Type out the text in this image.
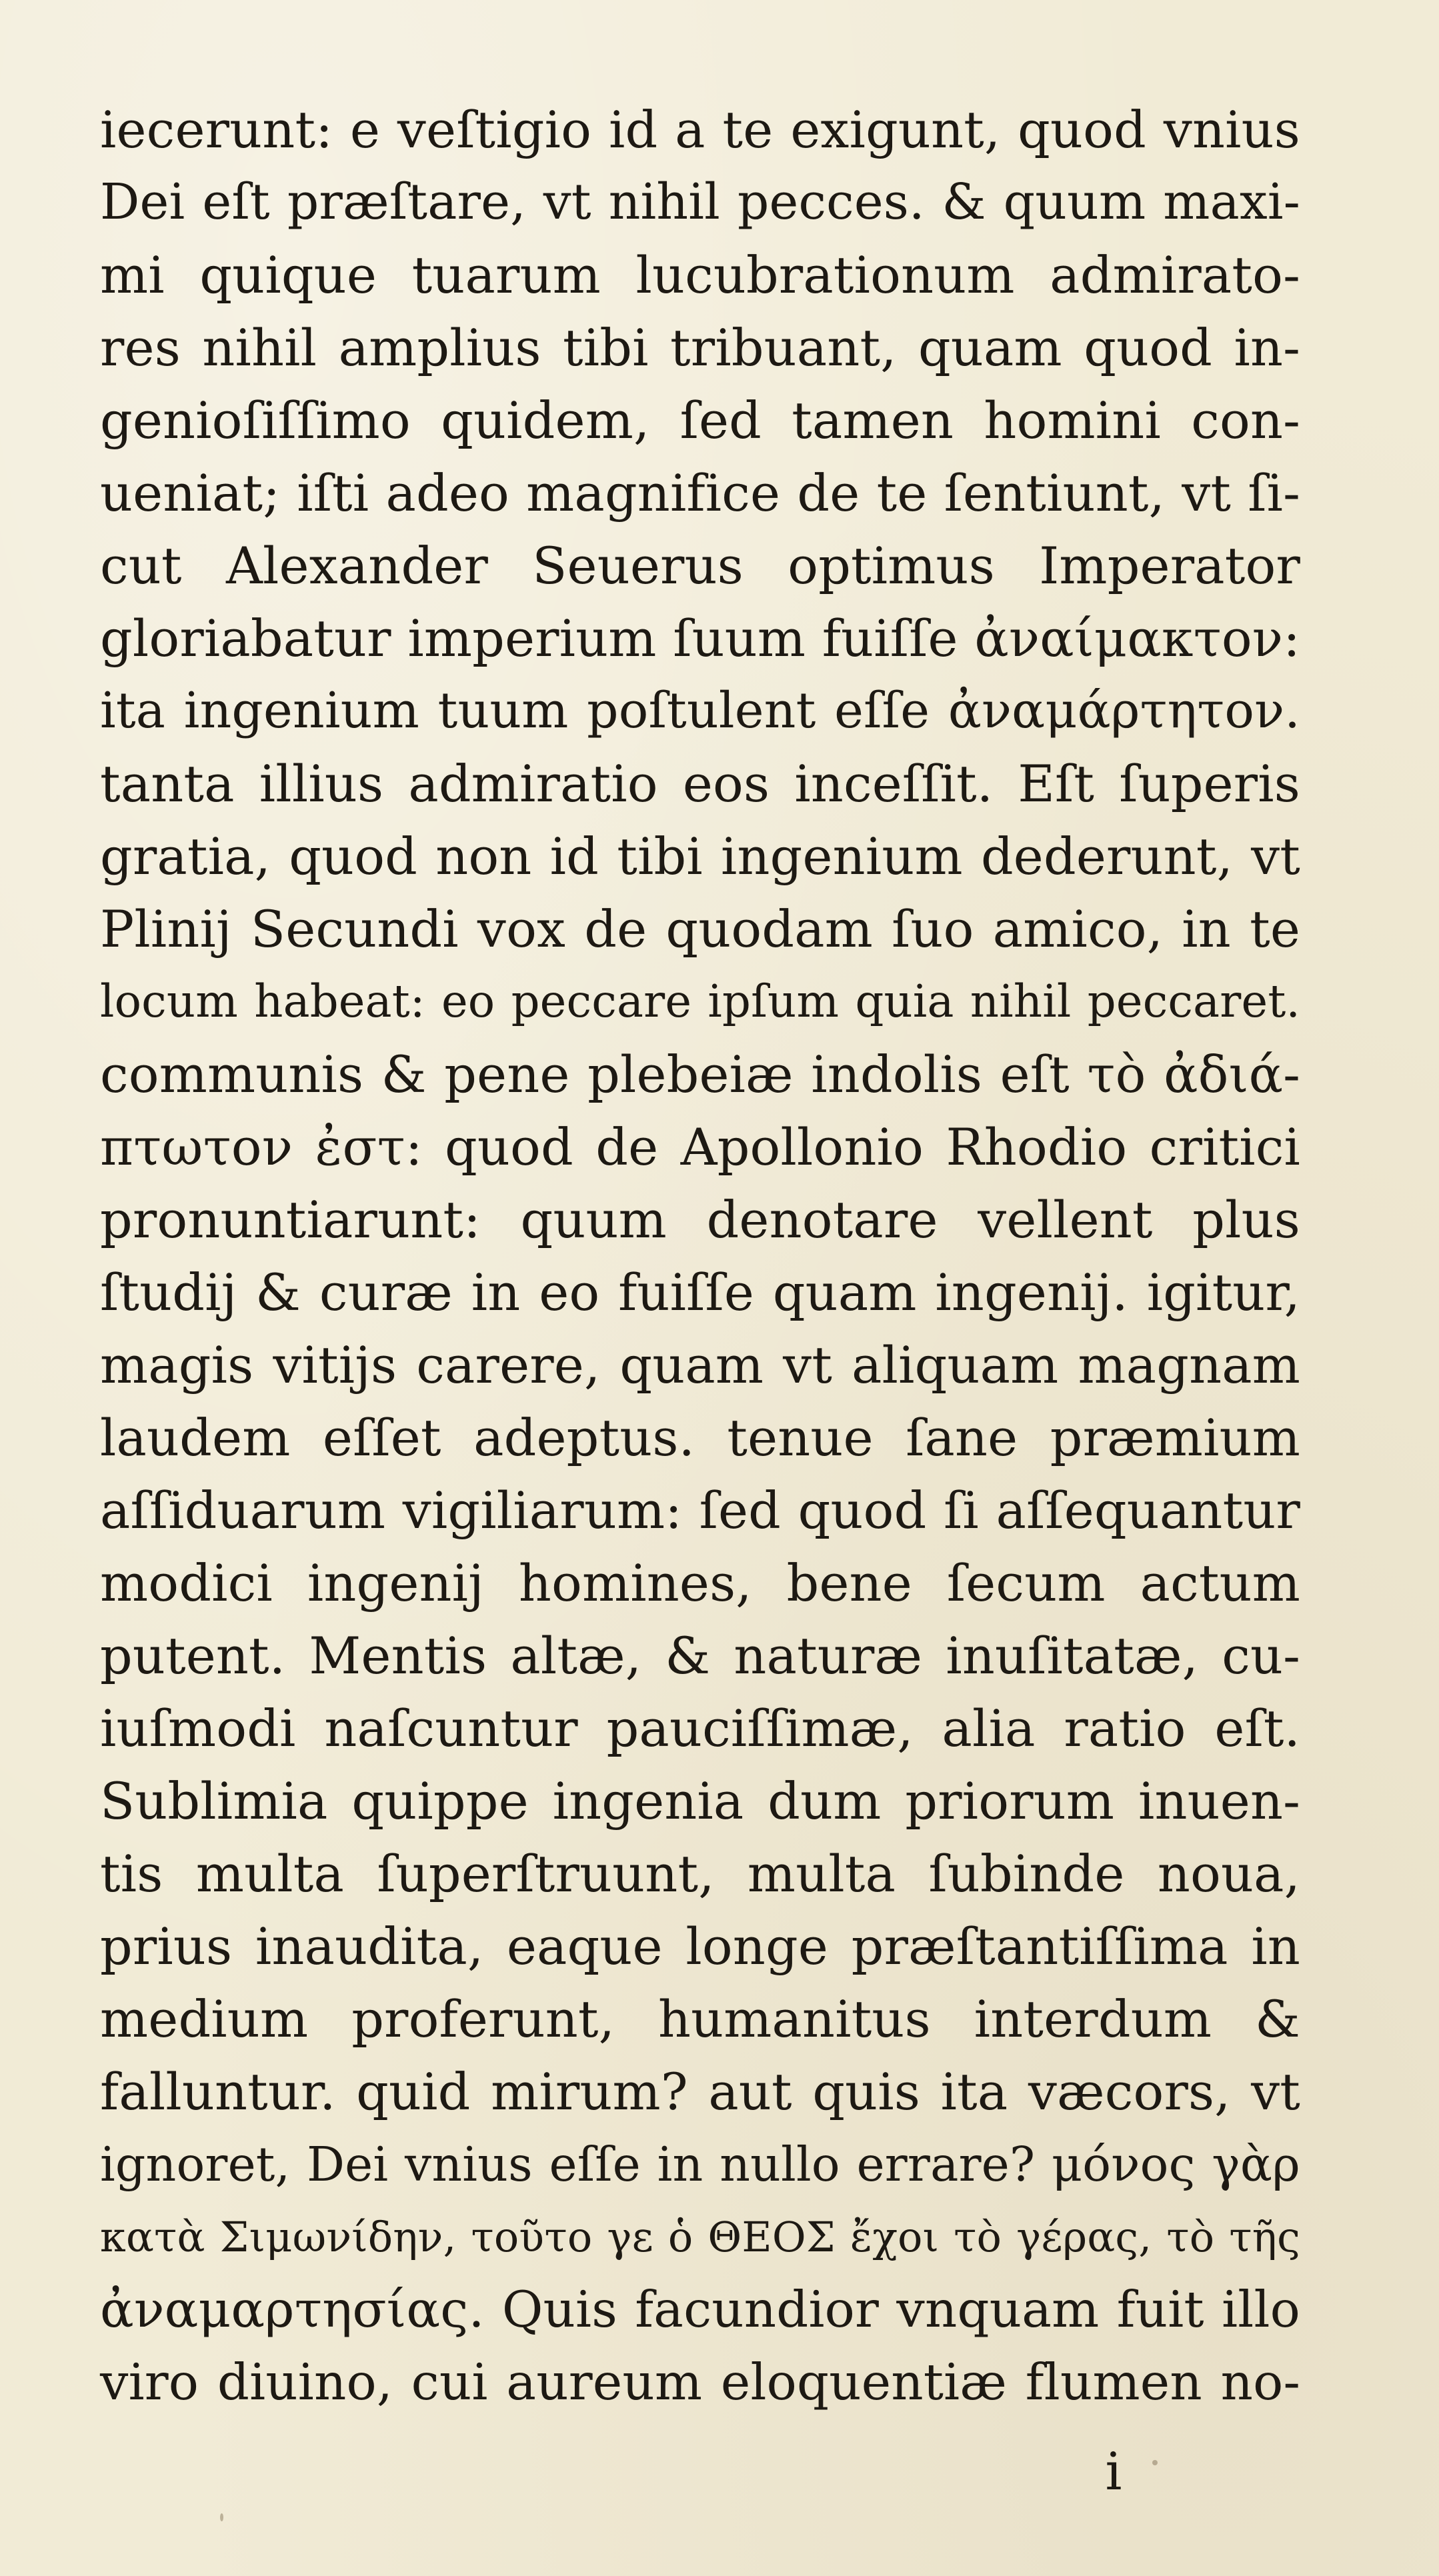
iecerunt: e veſtigio id a te exigunt, quod vnius
Dei eſt præſtare, vt nihil pecces. & quum maxi-
mi quique tuarum lucubrationum admirato-
res nihil amplius tibi tribuant, quam quod in-
genioſiſſimo quidem, ſed tamen homini con-
ueniat; iſti adeo magnifice de te ſentiunt, vt ſi-
cut Alexander Seuerus optimus Imperator
gloriabatur imperium ſuum fuiſſe ἀναίμακτον:
ita ingenium tuum poſtulent eſſe ἀναμάρτητον.
tanta illius admiratio eos inceſſit. Eſt ſuperis
gratia, quod non id tibi ingenium dederunt, vt
Plinij Secundi vox de quodam ſuo amico, in te
locum habeat: eo peccare ipſum quia nihil peccaret.
communis & pene plebeiæ indolis eſt τὸ ἀδιά-
πτωτον ἐστ: quod de Apollonio Rhodio critici
pronuntiarunt: quum denotare vellent plus
ſtudij & curæ in eo fuiſſe quam ingenij. igitur,
magis vitijs carere, quam vt aliquam magnam
laudem eſſet adeptus. tenue ſane præmium
aſſiduarum vigiliarum: ſed quod ſi aſſequantur
modici ingenij homines, bene ſecum actum
putent. Mentis altæ, & naturæ inuſitatæ, cu-
iuſmodi naſcuntur pauciſſimæ, alia ratio eſt.
Sublimia quippe ingenia dum priorum inuen-
tis multa ſuperſtruunt, multa ſubinde noua,
prius inaudita, eaque longe præſtantiſſima in
medium proferunt, humanitus interdum &
falluntur. quid mirum? aut quis ita væcors, vt
ignoret, Dei vnius eſſe in nullo errare? μόνος γὰρ
κατὰ Σιμωνίδην, τοῦτο γε ὁ ΘΕΟΣ ἔχοι τὸ γέρας, τὸ τῆς
ἀναμαρτησίας. Quis facundior vnquam fuit illo
viro diuino, cui aureum eloquentiæ flumen no-
i
